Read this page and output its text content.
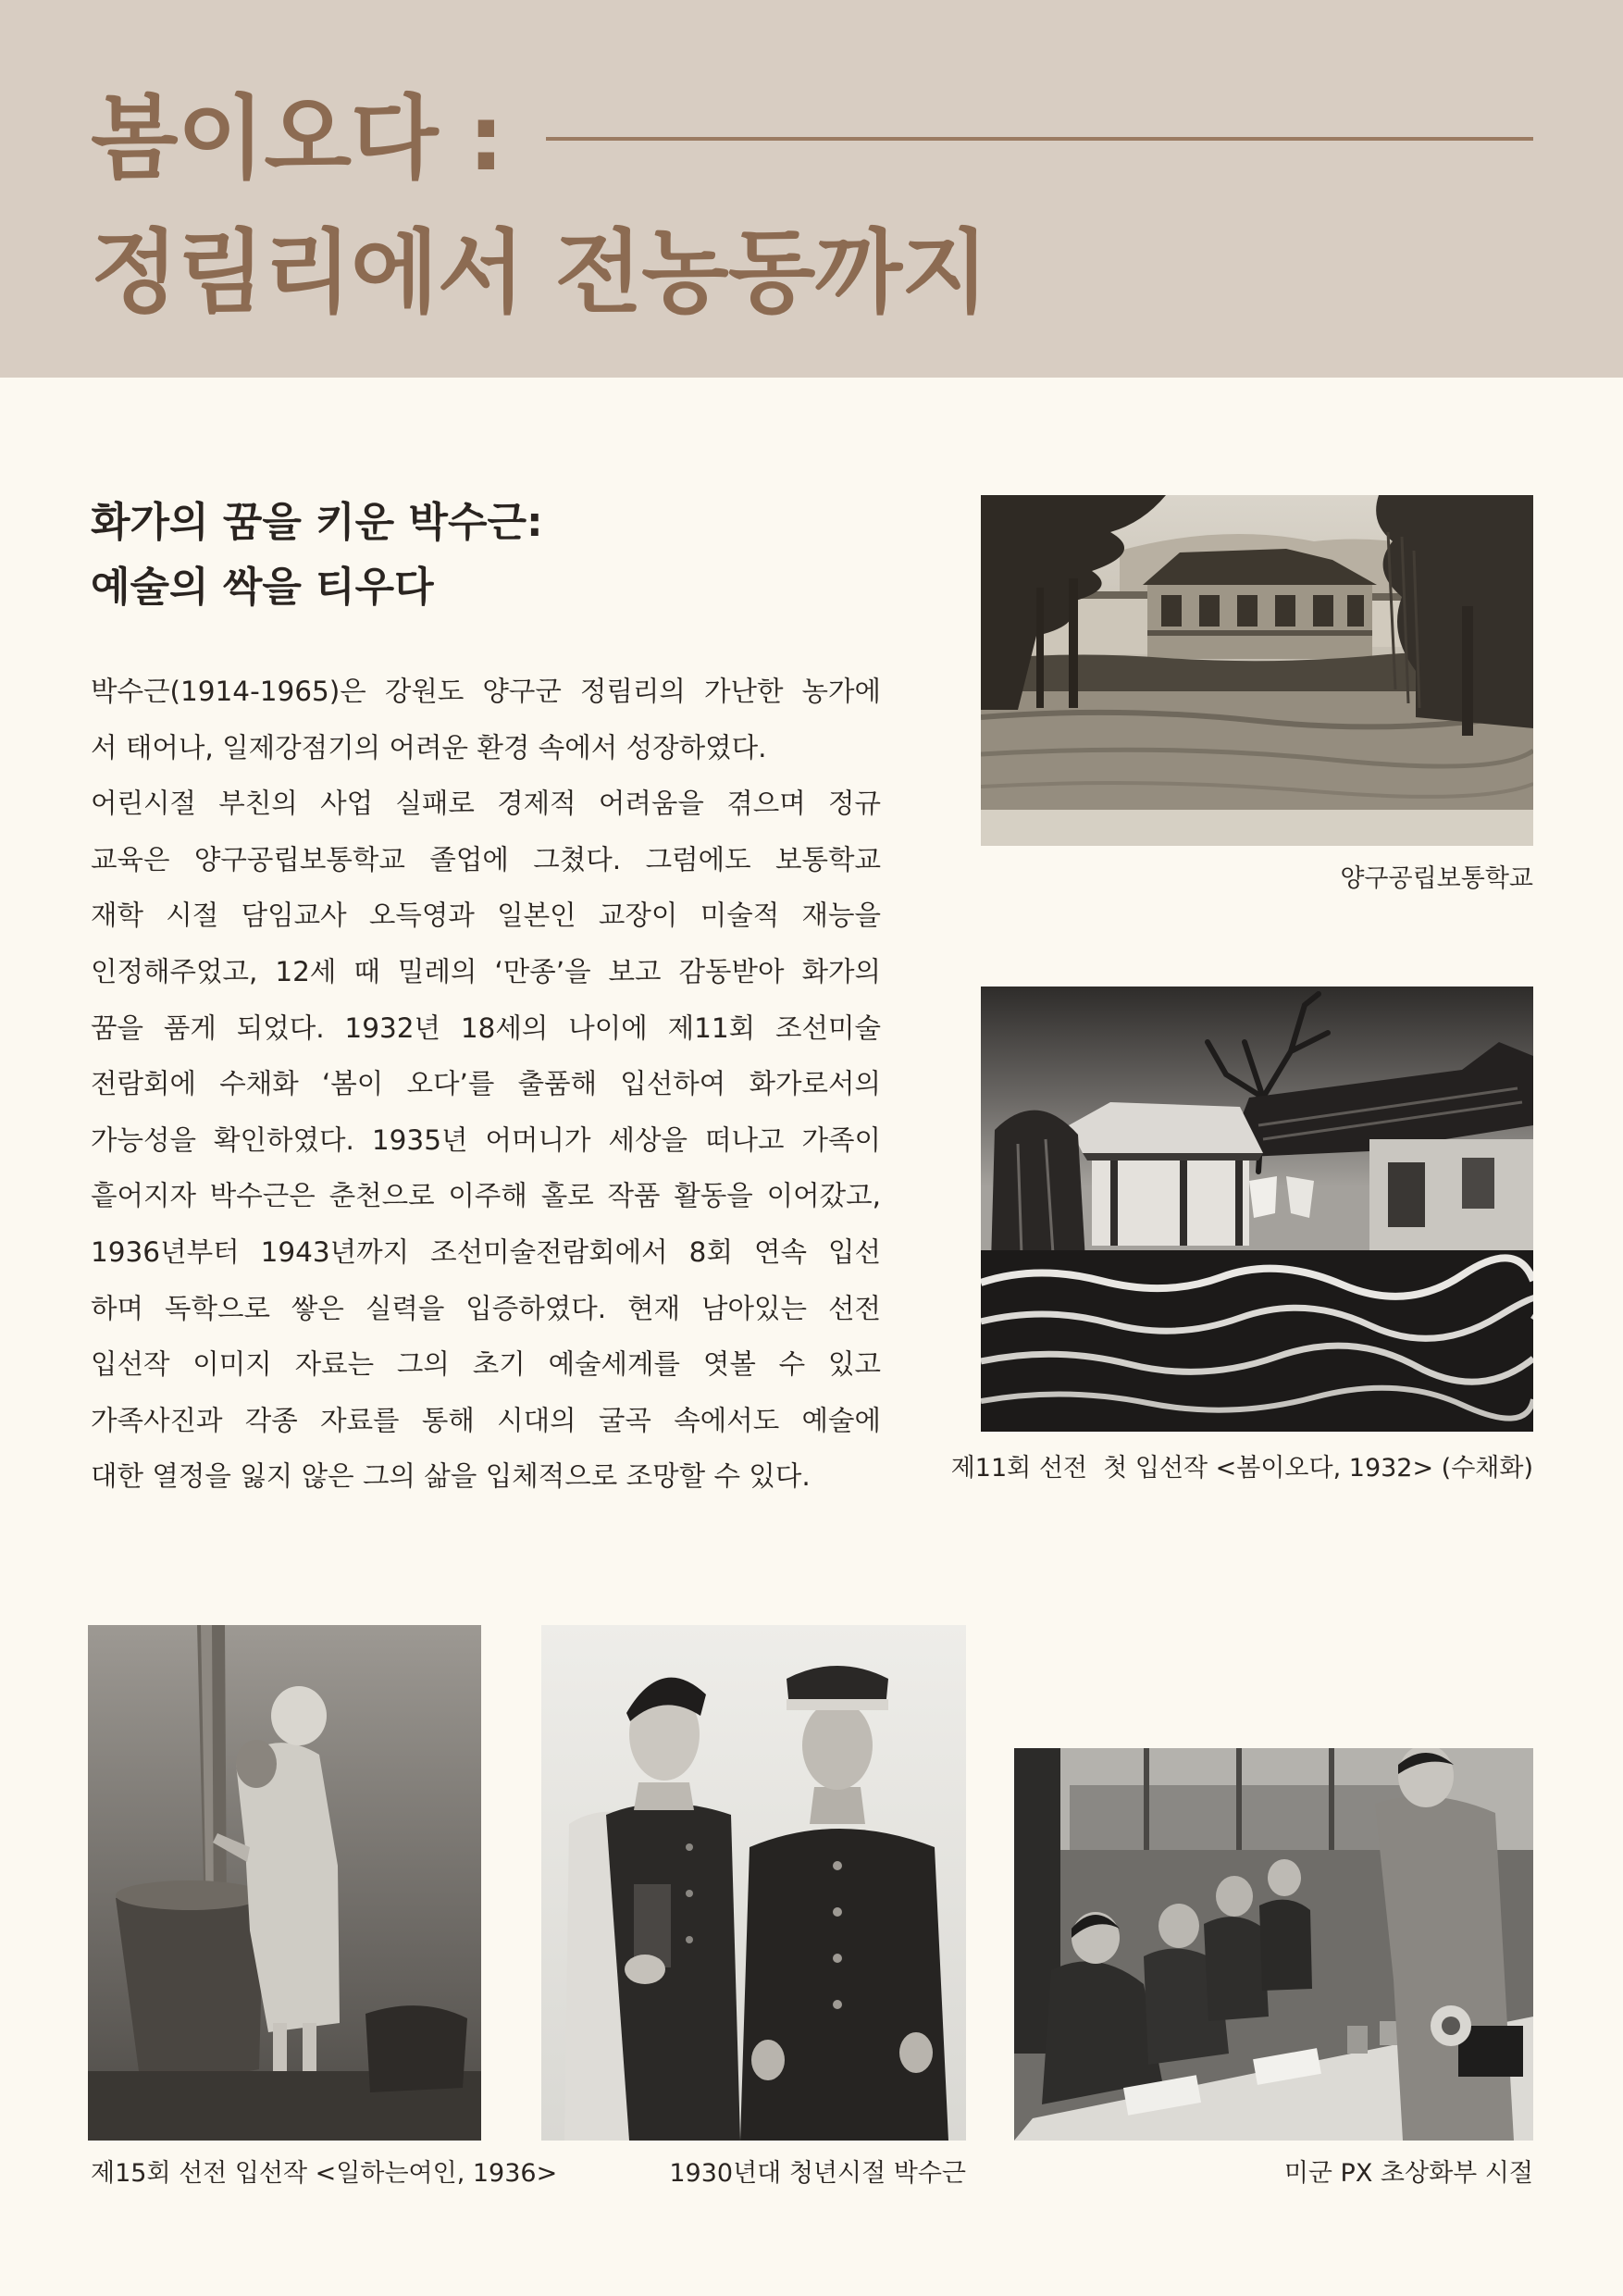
봄이오다 :
정림리에서 전농동까지
화가의 꿈을 키운 박수근:
예술의 싹을 티우다
박수근(1914-1965)은 강원도 양구군 정림리의 가난한 농가에
서 태어나, 일제강점기의 어려운 환경 속에서 성장하였다.
어린시절 부친의 사업 실패로 경제적 어려움을 겪으며 정규
교육은 양구공립보통학교 졸업에 그쳤다. 그럼에도 보통학교
재학 시절 담임교사 오득영과 일본인 교장이 미술적 재능을
인정해주었고, 12세 때 밀레의 ‘만종’을 보고 감동받아 화가의
꿈을 품게 되었다. 1932년 18세의 나이에 제11회 조선미술
전람회에 수채화 ‘봄이 오다’를 출품해 입선하여 화가로서의
가능성을 확인하였다. 1935년 어머니가 세상을 떠나고 가족이
흩어지자 박수근은 춘천으로 이주해 홀로 작품 활동을 이어갔고,
1936년부터 1943년까지 조선미술전람회에서 8회 연속 입선
하며 독학으로 쌓은 실력을 입증하였다. 현재 남아있는 선전
입선작 이미지 자료는 그의 초기 예술세계를 엿볼 수 있고
가족사진과 각종 자료를 통해 시대의 굴곡 속에서도 예술에
대한 열정을 잃지 않은 그의 삶을 입체적으로 조망할 수 있다.
양구공립보통학교
제11회 선전  첫 입선작 <봄이오다, 1932> (수채화)
제15회 선전 입선작 <일하는여인, 1936>	1930년대 청년시절 박수근	미군 PX 초상화부 시절
